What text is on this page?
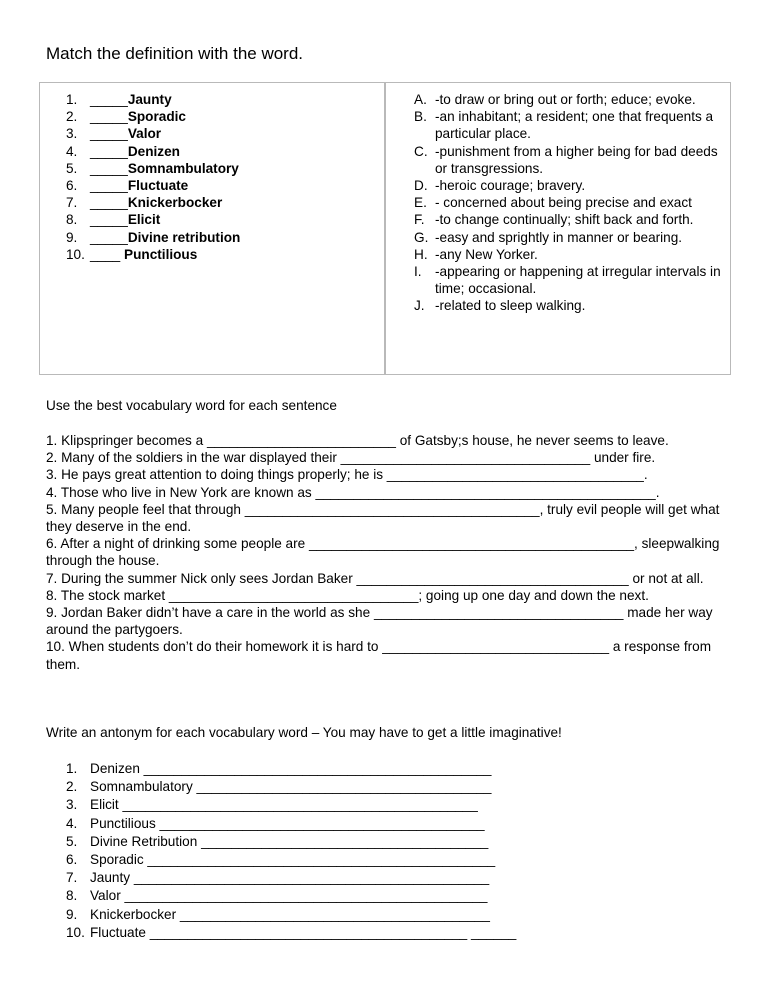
Match the definition with the word.
1. _____ Jaunty
2. _____ Sporadic
3. _____ Valor
4. _____ Denizen
5. _____ Somnambulatory
6. _____ Fluctuate
7. _____ Knickerbocker
8. _____ Elicit
9. _____ Divine retribution
10. ____ Punctilious
A. -to draw or bring out or forth; educe; evoke.
B. -an inhabitant; a resident; one that frequents a particular place.
C. -punishment from a higher being for bad deeds or transgressions.
D. -heroic courage; bravery.
E. - concerned about being precise and exact
F. -to change continually; shift back and forth.
G. -easy and sprightly in manner or bearing.
H. -any New Yorker.
I. -appearing or happening at irregular intervals in time; occasional.
J. -related to sleep walking.
Use the best vocabulary word for each sentence
1. Klipspringer becomes a _________________________ of Gatsby;s house, he never seems to leave.
2. Many of the soldiers in the war displayed their _________________________________ under fire.
3. He pays great attention to doing things properly; he is __________________________________.
4. Those who live in New York are known as _____________________________________________.
5. Many people feel that through _______________________________________, truly evil people will get what they deserve in the end.
6. After a night of drinking some people are ___________________________________________, sleepwalking through the house.
7. During the summer Nick only sees Jordan Baker ____________________________________ or not at all.
8. The stock market _________________________________; going up one day and down the next.
9. Jordan Baker didn’t have a care in the world as she _________________________________ made her way around the partygoers.
10. When students don’t do their homework it is hard to ______________________________ a response from them.
Write an antonym for each vocabulary word – You may have to get a little imaginative!
1. Denizen ______________________________________________
2. Somnambulatory _______________________________________
3. Elicit _______________________________________________
4. Punctilious ___________________________________________
5. Divine Retribution ______________________________________
6. Sporadic ______________________________________________
7. Jaunty _______________________________________________
8. Valor ________________________________________________
9. Knickerbocker _________________________________________
10. Fluctuate __________________________________________ ______
